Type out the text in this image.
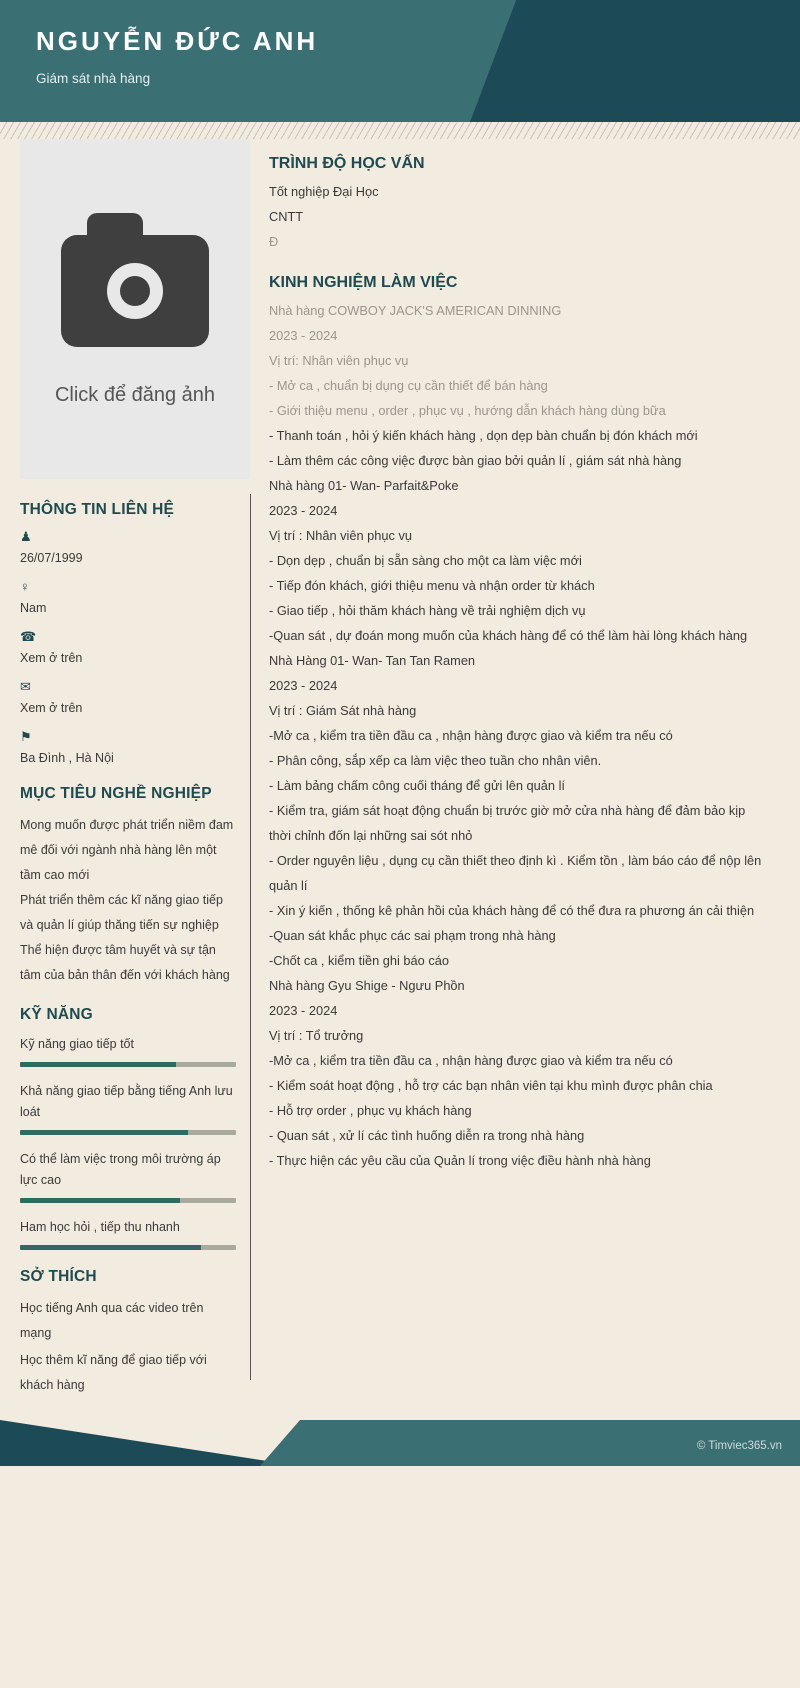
NGUYỄN ĐỨC ANH

Giám sát nhà hàng

Click để đăng ảnh
THÔNG TIN LIÊN HỆ
♟
26/07/1999
♀
Nam
☎
Xem ở trên
✉
Xem ở trên
⚑
Ba Đình , Hà Nội
MỤC TIÊU NGHỀ NGHIỆP

Mong muốn được phát triển niềm đam mê đối với ngành nhà hàng lên một tầm cao mới

Phát triển thêm các kĩ năng giao tiếp và quản lí giúp thăng tiến sự nghiệp

Thể hiện được tâm huyết và sự tận tâm của bản thân đến với khách hàng

KỸ NĂNG
Kỹ năng giao tiếp tốt
Khả năng giao tiếp bằng tiếng Anh lưu loát
Có thể làm việc trong môi trường áp lực cao
Ham học hỏi , tiếp thu nhanh
SỞ THÍCH

Học tiếng Anh qua các video trên mạng

Học thêm kĩ năng để giao tiếp với khách hàng

TRÌNH ĐỘ HỌC VẤN

Tốt nghiệp Đại Học

CNTT

Đ

KINH NGHIỆM LÀM VIỆC

Nhà hàng COWBOY JACK'S AMERICAN DINNING

2023 - 2024

Vị trí: Nhân viên phục vụ

- Mở ca , chuẩn bị dụng cụ cần thiết để bán hàng

- Giới thiệu menu , order , phục vụ , hướng dẫn khách hàng dùng bữa

- Thanh toán , hỏi ý kiến khách hàng , dọn dẹp bàn chuẩn bị đón khách mới

- Làm thêm các công việc được bàn giao bởi quản lí , giám sát nhà hàng

Nhà hàng 01- Wan- Parfait&Poke

2023 - 2024

Vị trí : Nhân viên phục vụ

- Dọn dẹp , chuẩn bị sẵn sàng cho một ca làm việc mới

- Tiếp đón khách, giới thiệu menu và nhận order từ khách

- Giao tiếp , hỏi thăm khách hàng về trải nghiệm dịch vụ

-Quan sát , dự đoán mong muốn của khách hàng để có thể làm hài lòng khách hàng

Nhà Hàng 01- Wan- Tan Tan Ramen

2023 - 2024

Vị trí : Giám Sát nhà hàng

-Mở ca , kiểm tra tiền đầu ca , nhận hàng được giao và kiểm tra nếu có

- Phân công, sắp xếp ca làm việc theo tuần cho nhân viên.

- Làm bảng chấm công cuối tháng để gửi lên quản lí

- Kiểm tra, giám sát hoạt động chuẩn bị trước giờ mở cửa nhà hàng để đảm bảo kịp thời chỉnh đốn lại những sai sót nhỏ

- Order nguyên liệu , dụng cụ cần thiết theo định kì . Kiểm tồn , làm báo cáo để nộp lên quản lí

- Xin ý kiến , thống kê phản hồi của khách hàng để có thể đưa ra phương án cải thiện

-Quan sát khắc phục các sai phạm trong nhà hàng

-Chốt ca , kiểm tiền ghi báo cáo

Nhà hàng Gyu Shige - Ngưu Phồn

2023 - 2024

Vị trí : Tổ trưởng

-Mở ca , kiểm tra tiền đầu ca , nhận hàng được giao và kiểm tra nếu có

- Kiểm soát hoạt động , hỗ trợ các bạn nhân viên tại khu mình được phân chia

- Hỗ trợ order , phục vụ khách hàng

- Quan sát , xử lí các tình huống diễn ra trong nhà hàng

- Thực hiện các yêu cầu của Quản lí trong việc điều hành nhà hàng

© Timviec365.vn
